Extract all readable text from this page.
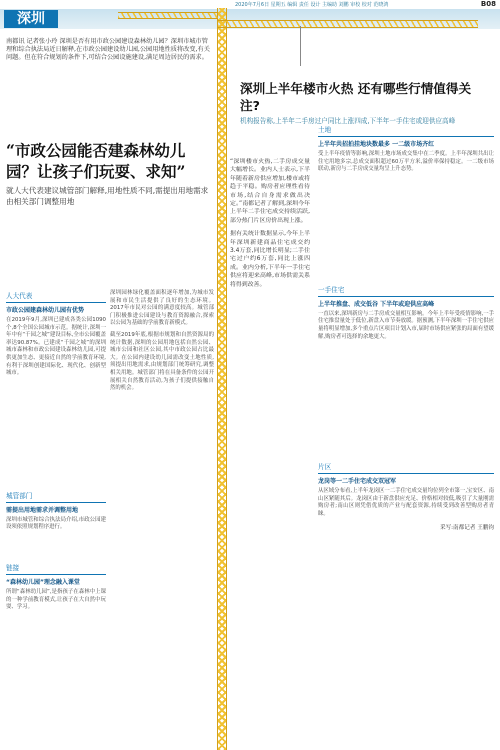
2020年7月6日 星期五 编辑 责任 设计 主编助 刘鹏 审校 校对 范晓鸿	B08
深圳
南都讯 记者张小玲 深圳是否有用市政公园建设森林幼儿园？深圳市城市管理和综合执法局近日解释,在市政公园建设幼儿园,公园用地性质将改变,有关问题。但在符合规划的条件下,可结合公园设施建设,满足周边居民的需求。
“市政公园能否建森林幼儿园？让孩子们玩耍、求知”
就人大代表建议城管部门解释,用地性质不同,需提出用地需求由相关部门调整用地
人大代表
市政公园建森林幼儿园有优势
在2019年9月,深圳已建成各类公园1090个,8个全国公园城市示范。据统计,深圳一年中有“千园之城”建设目标,全市公园覆盖率达90.87%。已建成“千园之城”的深圳城市森林和市政公园建设森林幼儿园,可提供更加生态、更接近自然的学前教育环境,有利于深圳创建国际化、现代化、创新型城市。
城管部门
需提出用地需求并调整用地
深圳市城管和综合执法局介绍,市政公园建设须依照规划程序进行。
链接
“森林幼儿园”理念融入课堂
所谓“森林幼儿园”,是指孩子在森林中上课的一种学前教育模式,让孩子在大自然中玩耍、学习。
深圳园林绿化覆盖面积逐年增加,为城市发展和市民生活提供了良好的生态环境。2017年市民对公园的满意度较高。城管部门积极推进公园建设与教育资源融合,探索以公园为基础的学前教育新模式。
截至2019年底,根据市规划和自然资源局的统计数据,深圳的公园用地包括自然公园、城市公园和社区公园,其中市政公园占比最大。在公园内建设幼儿园需改变土地性质,须提出用地需求,由规划部门统筹研究,调整相关用地。城管部门将在具备条件的公园开展相关自然教育活动,为孩子们提供接触自然的机会。
深圳上半年楼市火热 还有哪些行情值得关注?
机构报告称,上半年二手房过户同比上涨四成,下半年一手住宅或迎供应高峰
“深圳楼市火热,二手房成交量大幅增长。业内人士表示,下半年随着新房供应增加,楼市或将趋于平稳。购房者应理性看待市场,结合自身需求做出决定。”南都记者了解到,深圳今年上半年二手住宅成交持续活跃,部分热门片区房价出现上涨。
据有关统计数据显示,今年上半年深圳新建商品住宅成交约3.4万套,同比增长明显;二手住宅过户约6万套,同比上涨四成。业内分析,下半年一手住宅供应将迎来高峰,市场供需关系将得到改善。
土地
上半年共招拍挂地块数最多 一二级市场齐红
受上半年疫情等影响,深圳土地市场成交集中在二季度。上半年深圳共出让住宅用地多宗,总成交面积超过60万平方米,溢价率保持稳定。一二级市场联动,新房与二手房成交量均呈上升态势。
一手住宅
上半年推盘、成交低谷 下半年或迎供应高峰
一直以来,深圳新房与二手房成交量相互影响。今年上半年受疫情影响,一手住宅推盘量处于低位,新盘入市节奏放缓。据预测,下半年深圳一手住宅供应量将明显增加,多个重点片区项目计划入市,届时市场供应紧张的局面有望缓解,购房者可选择的余地更大。
片区
龙岗等一二手住宅成交双冠军
从区域分布看,上半年龙岗区一二手住宅成交量均位列全市第一,宝安区、南山区紧随其后。龙岗区由于新盘供应充足、价格相对较低,吸引了大量刚需购房者;南山区则凭借优质的产业与配套资源,持续受到改善型购房者青睐。
采写:南都记者 王鹏钧
